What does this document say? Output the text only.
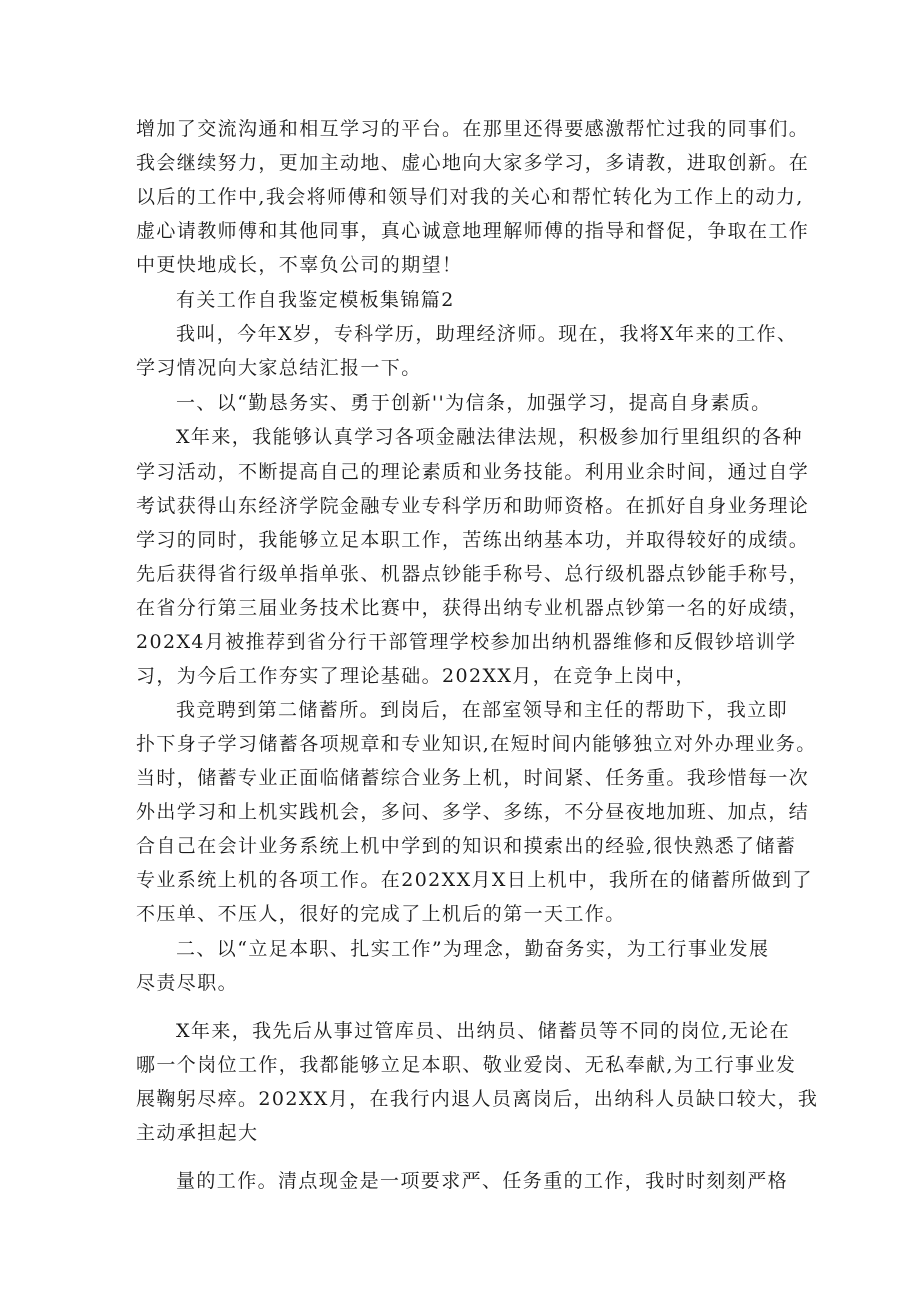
增加了交流沟通和相互学习的平台。在那里还得要感激帮忙过我的同事们。
我会继续努力，更加主动地、虚心地向大家多学习，多请教，进取创新。在
以后的工作中,我会将师傅和领导们对我的关心和帮忙转化为工作上的动力,
虚心请教师傅和其他同事，真心诚意地理解师傅的指导和督促，争取在工作
中更快地成长，不辜负公司的期望！
有关工作自我鉴定模板集锦篇2
我叫，今年X岁，专科学历，助理经济师。现在，我将X年来的工作、
学习情况向大家总结汇报一下。
一、以“勤恳务实、勇于创新''为信条，加强学习，提高自身素质。
X年来，我能够认真学习各项金融法律法规，积极参加行里组织的各种
学习活动，不断提高自己的理论素质和业务技能。利用业余时间，通过自学
考试获得山东经济学院金融专业专科学历和助师资格。在抓好自身业务理论
学习的同时，我能够立足本职工作，苦练出纳基本功，并取得较好的成绩。
先后获得省行级单指单张、机器点钞能手称号、总行级机器点钞能手称号，
在省分行第三届业务技术比赛中，获得出纳专业机器点钞第一名的好成绩，
202X4月被推荐到省分行干部管理学校参加出纳机器维修和反假钞培训学
习，为今后工作夯实了理论基础。202XX月，在竞争上岗中，
我竞聘到第二储蓄所。到岗后，在部室领导和主任的帮助下，我立即
扑下身子学习储蓄各项规章和专业知识,在短时间内能够独立对外办理业务。
当时，储蓄专业正面临储蓄综合业务上机，时间紧、任务重。我珍惜每一次
外出学习和上机实践机会，多问、多学、多练，不分昼夜地加班、加点，结
合自己在会计业务系统上机中学到的知识和摸索出的经验,很快熟悉了储蓄
专业系统上机的各项工作。在202XX月X日上机中，我所在的储蓄所做到了
不压单、不压人，很好的完成了上机后的第一天工作。
二、以“立足本职、扎实工作”为理念，勤奋务实，为工行事业发展
尽责尽职。
X年来，我先后从事过管库员、出纳员、储蓄员等不同的岗位,无论在
哪一个岗位工作，我都能够立足本职、敬业爱岗、无私奉献,为工行事业发
展鞠躬尽瘁。202XX月，在我行内退人员离岗后，出纳科人员缺口较大，我
主动承担起大
量的工作。清点现金是一项要求严、任务重的工作，我时时刻刻严格
